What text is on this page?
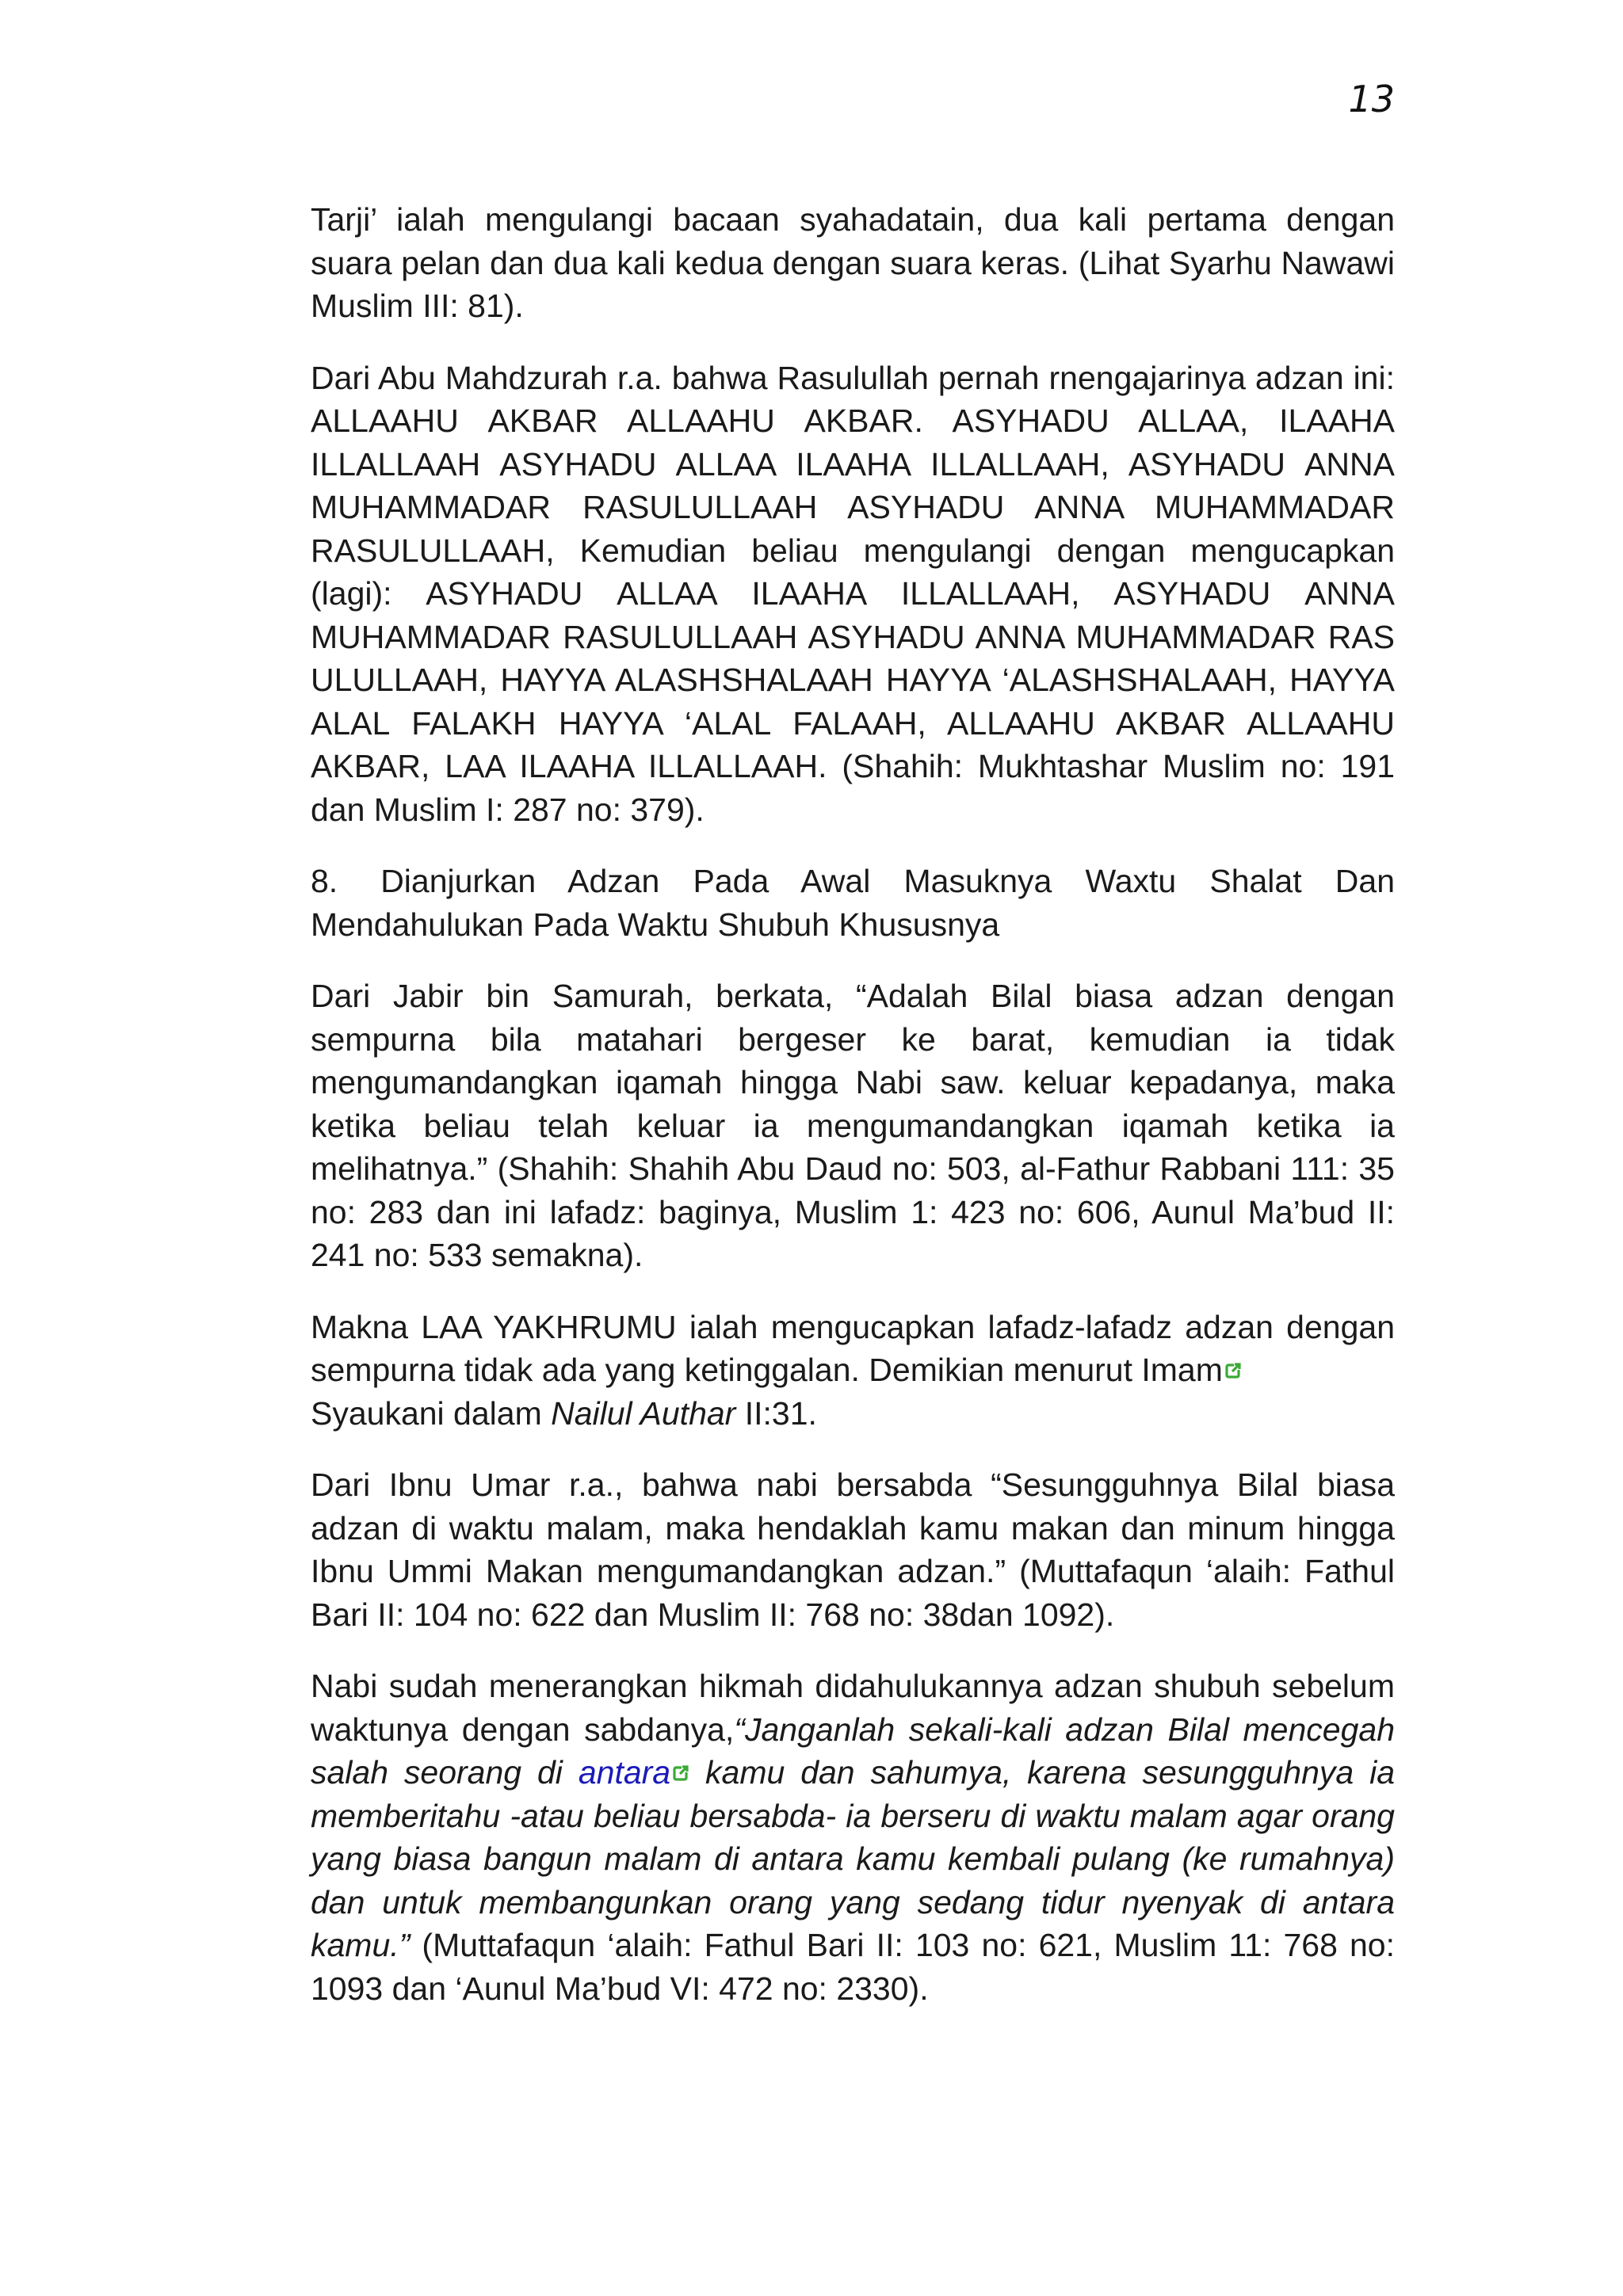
13

Tarji’ ialah mengulangi bacaan syahadatain, dua kali pertama dengan suara pelan dan dua kali kedua dengan suara keras. (Lihat Syarhu Nawawi Muslim III: 81).

Dari Abu Mahdzurah r.a. bahwa Rasulullah pernah rnengajarinya adzan ini: ALLAAHU AKBAR ALLAAHU AKBAR. ASYHADU ALLAA, ILAAHA ILLALLAAH ASYHADU ALLAA ILAAHA ILLALLAAH, ASYHADU ANNA MUHAMMADAR RASULULLAAH ASYHADU ANNA MUHAMMADAR RASULULLAAH, Kemudian beliau mengulangi dengan mengucapkan (lagi): ASYHADU ALLAA ILAAHA ILLALLAAH, ASYHADU ANNA MUHAMMADAR RASULULLAAH ASYHADU ANNA MUHAMMADAR RAS ULULLAAH, HAYYA ALASHSHALAAH HAYYA ‘ALASHSHALAAH, HAYYA ALAL FALAKH HAYYA ‘ALAL FALAAH, ALLAAHU AKBAR ALLAAHU AKBAR, LAA ILAAHA ILLALLAAH. (Shahih: Mukhtashar Muslim no: 191 dan Muslim I: 287 no: 379).

8. Dianjurkan Adzan Pada Awal Masuknya Waxtu Shalat Dan Mendahulukan Pada Waktu Shubuh Khususnya

Dari Jabir bin Samurah, berkata, “Adalah Bilal biasa adzan dengan sempurna bila matahari bergeser ke barat, kemudian ia tidak mengumandangkan iqamah hingga Nabi saw. keluar kepadanya, maka ketika beliau telah keluar ia mengumandangkan iqamah ketika ia melihatnya.” (Shahih: Shahih Abu Daud no: 503, al-Fathur Rabbani 111: 35 no: 283 dan ini lafadz: baginya, Muslim 1: 423 no: 606, Aunul Ma’bud II: 241 no: 533 semakna).

Makna LAA YAKHRUMU ialah mengucapkan lafadz-lafadz adzan dengan sempurna tidak ada yang ketinggalan. Demikian menurut Imam

Syaukani dalam Nailul Authar II:31.

Dari Ibnu Umar r.a., bahwa nabi bersabda “Sesungguhnya Bilal biasa adzan di waktu malam, maka hendaklah kamu makan dan minum hingga Ibnu Ummi Makan mengumandangkan adzan.” (Muttafaqun ‘alaih: Fathul Bari II: 104 no: 622 dan Muslim II: 768 no: 38dan 1092).

Nabi sudah menerangkan hikmah didahulukannya adzan shubuh sebelum waktunya dengan sabdanya,“Janganlah sekali-kali adzan Bilal mencegah salah seorang di antara
kamu dan sahumya, karena sesungguhnya ia memberitahu -atau beliau bersabda- ia berseru di waktu malam agar orang yang biasa bangun malam di antara kamu kembali pulang (ke rumahnya) dan untuk membangunkan orang yang sedang tidur nyenyak di antara kamu.” (Muttafaqun ‘alaih: Fathul Bari II: 103 no: 621, Muslim 11: 768 no: 1093 dan ‘Aunul Ma’bud VI: 472 no: 2330).
